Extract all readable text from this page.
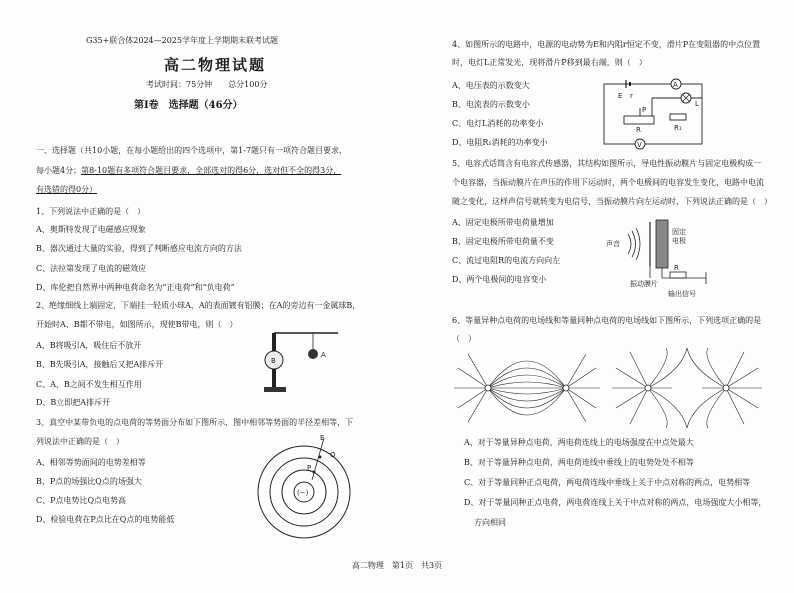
G35+联合体2024—2025学年度上学期期末联考试题
高二物理试题
考试时间：75分钟　　总分100分
第Ⅰ卷　选择题（46分）
一、选择题（共10小题，在每小题给出的四个选项中，第1-7题只有一项符合题目要求，
每小题4分；第8-10题有多项符合题目要求，全部选对的得6分，选对但不全的得3分，
有选错的得0分）
1、下列说法中正确的是（　）
A、奥斯特发现了电磁感应现象
B、器次通过大量的实验，得到了判断感应电流方向的方法
C、法拉第发现了电流的磁效应
D、库伦把自然界中两种电荷命名为“正电荷”和“负电荷”
2、绝缘细线上端固定，下端挂一轻质小球A，A的表面镀有铝膜；在A的旁边有一金属球B，
开始时A、B都不带电，如图所示，现使B带电，则（　）
A、B将吸引A，吸住后不放开
B、B先吸引A，接触后又把A排斥开
C、A、B之间不发生相互作用
D、B立即把A排斥开
B
A
3、真空中某带负电的点电荷的等势面分布如下图所示，图中相邻等势面的半径差相等，下
列说法中正确的是（　）
A、相邻等势面间的电势差相等
B、P点的场强比Q点的场强大
C、P点电势比Q点电势高
D、检验电荷在P点比在Q点的电势能低
(−)
E
P
Q
4、如图所示的电路中，电源的电动势为E和内阻r恒定不变，滑片P在变阻器的中点位置
时，电灯L正常发光，现将滑片P移到最右端，则（　）
A、电压表的示数变大
B、电流表的示数变小
C、电灯L消耗的功率变小
D、电阻R₁消耗的功率变小
E r
A
L
P
R	R₁
V
5、电容式话筒含有电容式传感器，其结构如图所示，导电性振动膜片与固定电极构成一
个电容器，当振动膜片在声压的作用下运动时，两个电极间的电容发生变化，电路中电流
随之变化，这样声信号就转变为电信号，当振动膜片向左运动时，下列说法正确的是（　）
A、固定电极所带电荷量增加
B、固定电极所带电荷量不变
C、流过电阻R的电流方向向左
D、两个电极间的电容变小
声音
固定
电极
振动膜片
R
输出信号
6、等量异种点电荷的电场线和等量同种点电荷的电场线如下图所示，下列选项正确的是
（　）
A、对于等量异种点电荷，两电荷连线上的电场强度在中点处最大
B、对于等量异种点电荷，两电荷连线中垂线上的电势处处不相等
C、对于等量同种正点电荷，两电荷连线中垂线上关于中点对称的两点，电势相等
D、对于等量同种正点电荷，两电荷连线上关于中点对称的两点，电场强度大小相等，
方向相同
高二物理　第1页　共3页
